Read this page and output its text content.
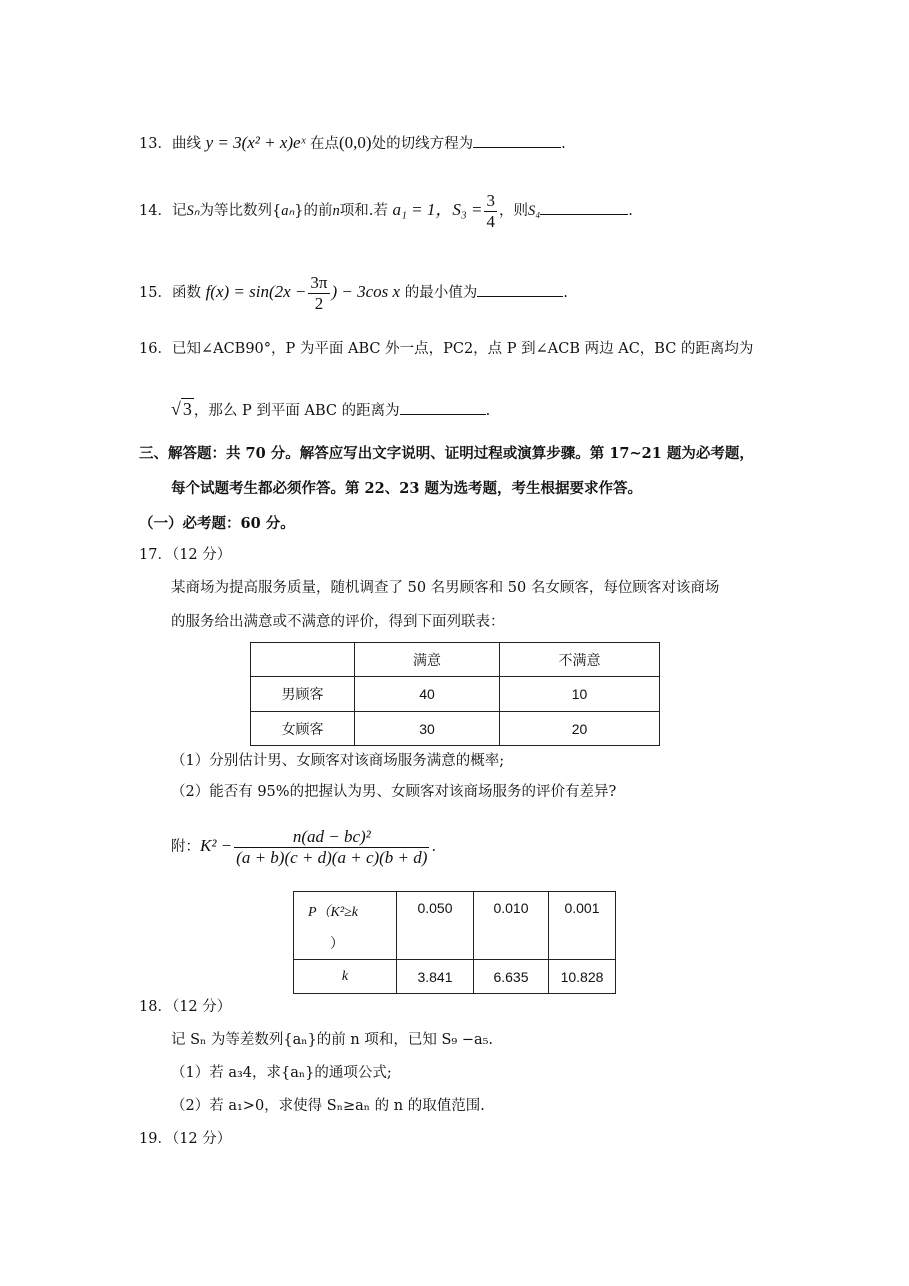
13．曲线 y = 3(x² + x)eˣ 在点(0,0)处的切线方程为	.
14．记Sₙ为等比数列{aₙ}的前n项和.若 a₁ = 1，$S_3 = \frac{3}{4}$ ，则S₄	.
15．函数 $f(x) = \sin(2x - \frac{3\pi}{2}$ ) − 3cos x 的最小值为	.
16．已知∠ACB90°，P 为平面 ABC 外一点，PC2，点 P 到∠ACB 两边 AC，BC 的距离均为
√ 3 ，那么 P 到平面 ABC 的距离为	.
三、解答题：共 70 分。解答应写出文字说明、证明过程或演算步骤。第 17~21 题为必考题，
每个试题考生都必须作答。第 22、23 题为选考题，考生根据要求作答。
（一）必考题：60 分。
17．（12 分）
某商场为提高服务质量，随机调查了 50 名男顾客和 50 名女顾客，每位顾客对该商场
的服务给出满意或不满意的评价，得到下面列联表：
	满意	不满意
男顾客	40	10
女顾客	30	20
（1）分别估计男、女顾客对该商场服务满意的概率;
（2）能否有 95%的把握认为男、女顾客对该商场服务的评价有差异?
附：$K^2 - \frac{\text{n(ad − bc)²}}{(a + b)(c + d)(a + c)(b + d)}$ .
P（K²≥k
）	0.050	0.010	0.001
k	3.841	6.635	10.828
18．（12 分）
记 Sₙ 为等差数列{aₙ}的前 n 项和，已知 S₉ −a₅.
（1）若 a₃4，求{aₙ}的通项公式;
（2）若 a₁>0，求使得 Sₙ≥aₙ 的 n 的取值范围.
19．（12 分）
